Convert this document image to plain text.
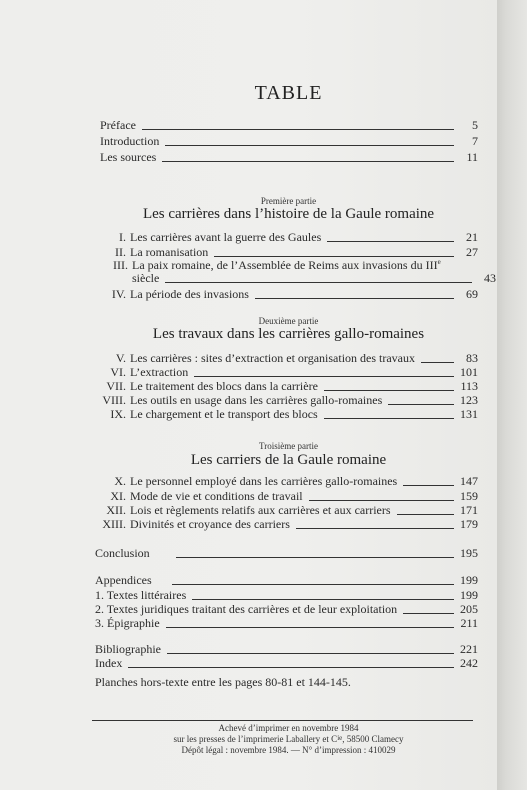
TABLE
Préface	5
Introduction	7
Les sources	11
Première partie
Les carrières dans l’histoire de la Gaule romaine
I. Les carrières avant la guerre des Gaules	21
II. La romanisation	27
III. La paix romaine, de l’Assemblée de Reims aux invasions du IIIe
siècle	43
IV. La période des invasions	69
Deuxième partie
Les travaux dans les carrières gallo-romaines
V. Les carrières : sites d’extraction et organisation des travaux	83
VI. L’extraction	101
VII. Le traitement des blocs dans la carrière	113
VIII. Les outils en usage dans les carrières gallo-romaines	123
IX. Le chargement et le transport des blocs	131
Troisième partie
Les carriers de la Gaule romaine
X. Le personnel employé dans les carrières gallo-romaines	147
XI. Mode de vie et conditions de travail	159
XII. Lois et règlements relatifs aux carrières et aux carriers	171
XIII. Divinités et croyance des carriers	179
Conclusion	195
Appendices	199
1. Textes littéraires	199
2. Textes juridiques traitant des carrières et de leur exploitation	205
3. Épigraphie	211
Bibliographie	221
Index	242
Planches hors-texte entre les pages 80-81 et 144-145.
Achevé d’imprimer en novembre 1984
sur les presses de l’imprimerie Laballery et $C^{ie}$, 58500 Clamecy
Dépôt légal : novembre 1984. — N° d’impression : 410029
